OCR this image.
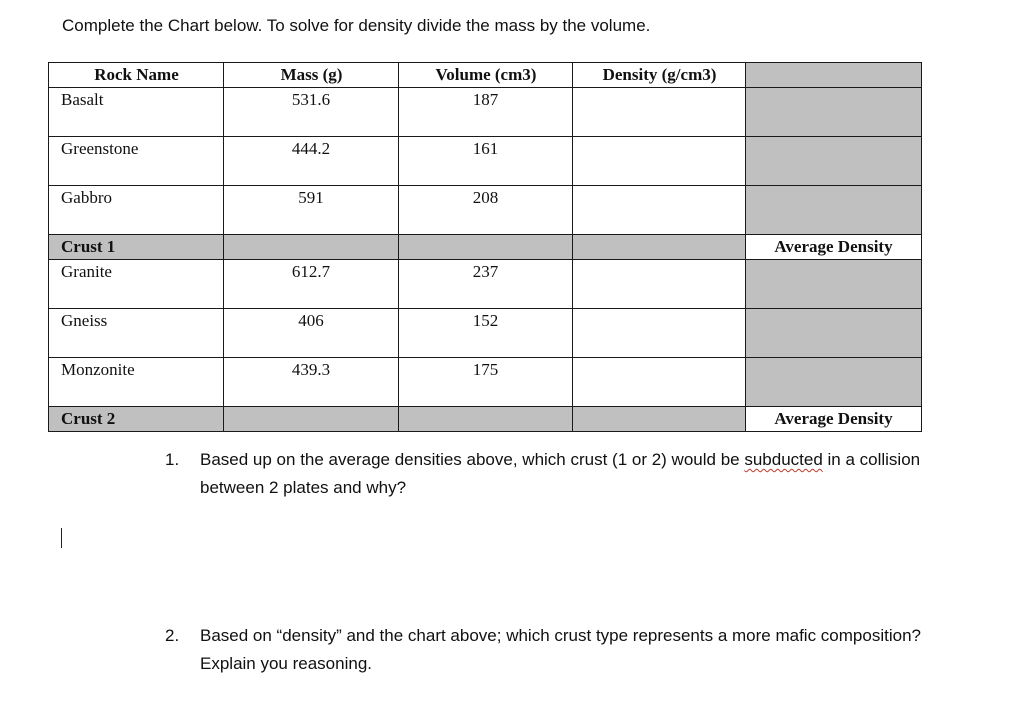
Complete the Chart below. To solve for density divide the mass by the volume.
Rock Name	Mass (g)	Volume (cm3)	Density (g/cm3)	

Basalt	531.6	187		

Greenstone	444.2	161		

Gabbro	591	208		

Crust 1				Average Density

Granite	612.7	237		

Gneiss	406	152		

Monzonite	439.3	175		

Crust 2				Average Density
1.	Based up on the average densities above, which crust (1 or 2) would be subducted in a collision between 2 plates and why?
2.	Based on “density” and the chart above; which crust type represents a more mafic composition? Explain you reasoning.
